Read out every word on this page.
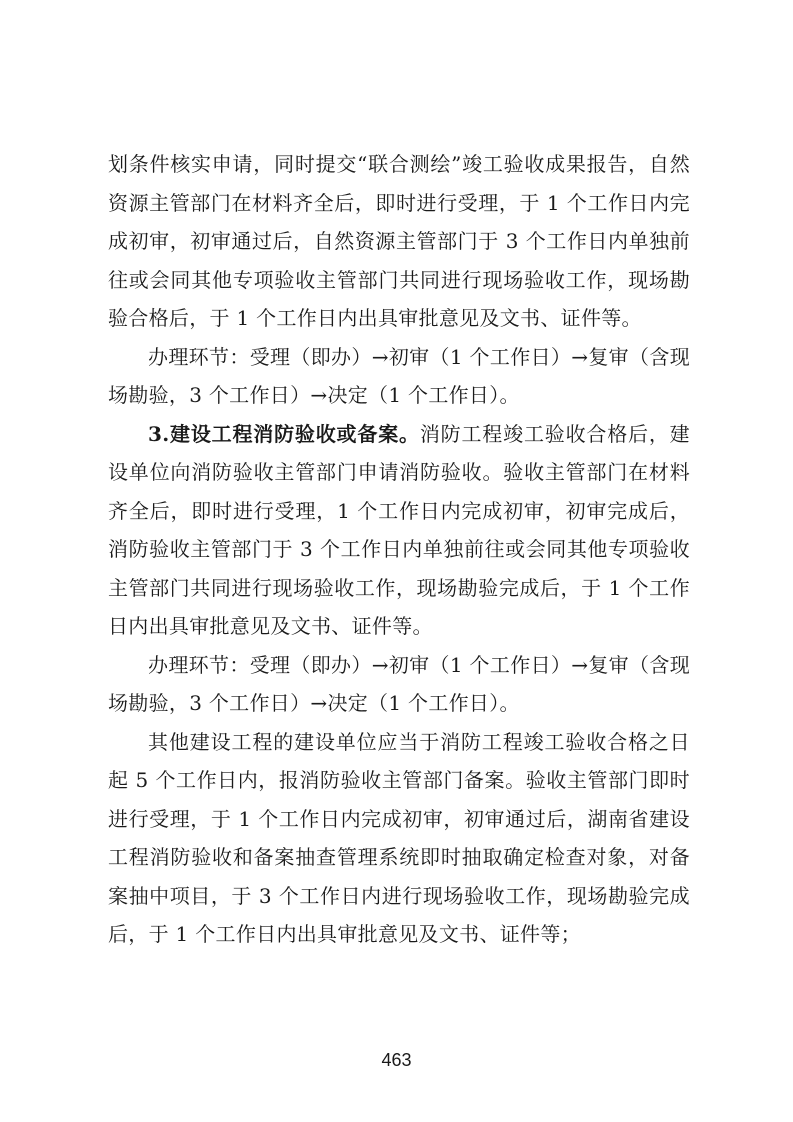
划条件核实申请，同时提交“联合测绘”竣工验收成果报告，自然资源主管部门在材料齐全后，即时进行受理，于 1 个工作日内完成初审，初审通过后，自然资源主管部门于 3 个工作日内单独前往或会同其他专项验收主管部门共同进行现场验收工作，现场勘验合格后，于 1 个工作日内出具审批意见及文书、证件等。

办理环节：受理（即办）→初审（1 个工作日）→复审（含现场勘验，3 个工作日）→决定（1 个工作日）。

3.建设工程消防验收或备案。消防工程竣工验收合格后，建设单位向消防验收主管部门申请消防验收。验收主管部门在材料齐全后，即时进行受理，1 个工作日内完成初审，初审完成后，消防验收主管部门于 3 个工作日内单独前往或会同其他专项验收主管部门共同进行现场验收工作，现场勘验完成后，于 1 个工作日内出具审批意见及文书、证件等。

办理环节：受理（即办）→初审（1 个工作日）→复审（含现场勘验，3 个工作日）→决定（1 个工作日）。

其他建设工程的建设单位应当于消防工程竣工验收合格之日起 5 个工作日内，报消防验收主管部门备案。验收主管部门即时进行受理，于 1 个工作日内完成初审，初审通过后，湖南省建设工程消防验收和备案抽查管理系统即时抽取确定检查对象，对备案抽中项目，于 3 个工作日内进行现场验收工作，现场勘验完成后，于 1 个工作日内出具审批意见及文书、证件等；

463
